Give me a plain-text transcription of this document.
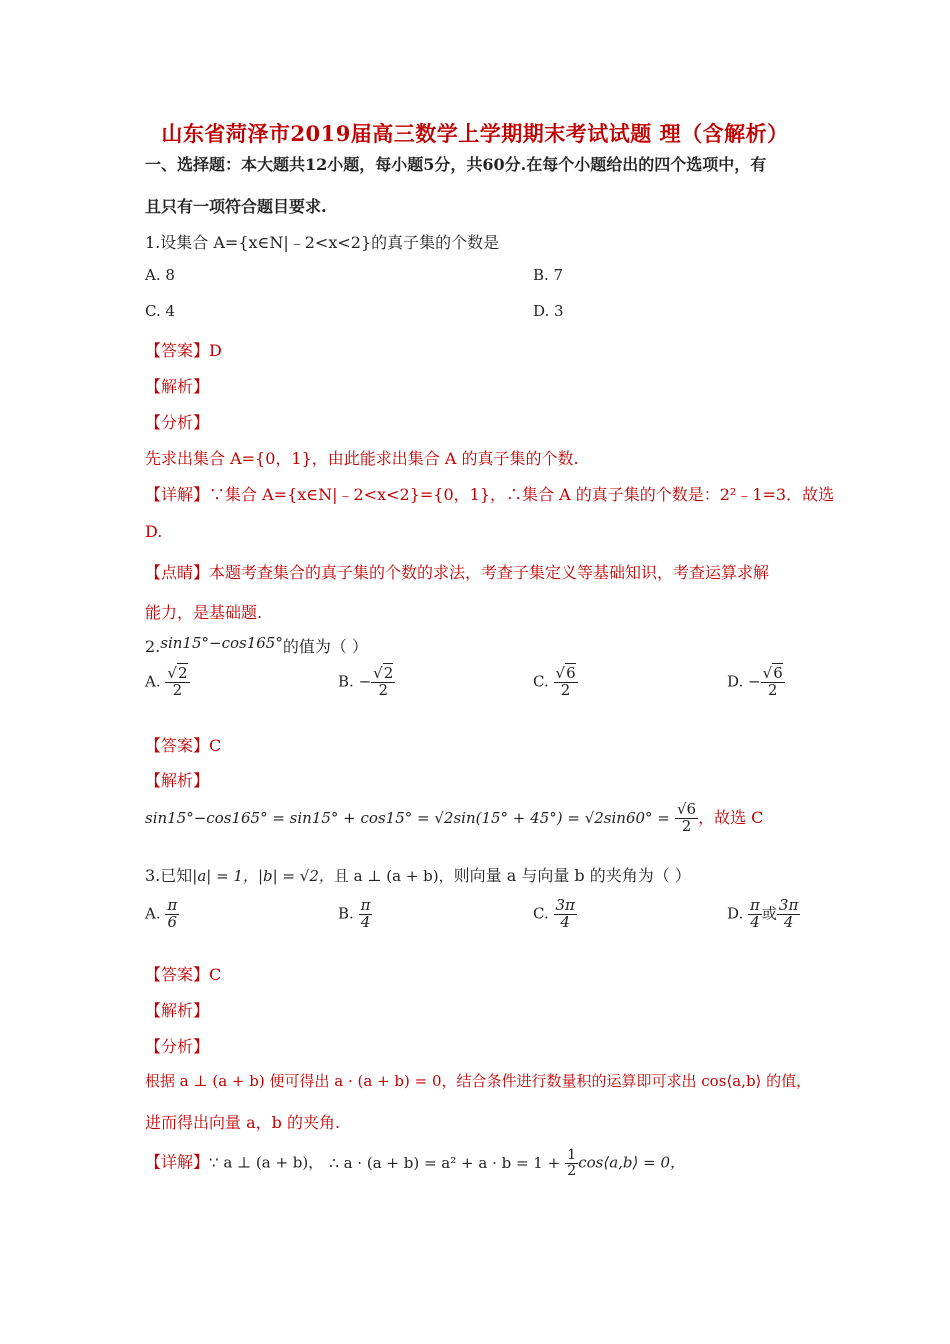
山东省菏泽市2019届高三数学上学期期末考试试题 理（含解析）
一、选择题：本大题共12小题，每小题5分，共60分.在每个小题给出的四个选项中，有
且只有一项符合题目要求.
1.设集合 A={x∈N|﹣2<x<2}的真子集的个数是
A. 8	B. 7
C. 4	D. 3
【答案】D
【解析】
【分析】
先求出集合 A={0，1}，由此能求出集合 A 的真子集的个数.
【详解】∵集合 A={x∈N|﹣2<x<2}={0，1}，∴集合 A 的真子集的个数是：2²﹣1=3．故选
D.
【点睛】本题考查集合的真子集的个数的求法，考查子集定义等基础知识，考查运算求解
能力，是基础题.
2.sin15°−cos165°的值为（ ）
A. $\frac{√2}{2}$	B. − $\frac{√2}{2}$	C. $\frac{√6}{2}$	D. − $\frac{√6}{2}$
【答案】C
【解析】
$\sin 15^\circ-\cos 165^\circ = \sin 15^\circ + \cos 15^\circ = √2\sin(15^\circ + 45^\circ) = √2\sin 60^\circ = \frac{√6}{2}$ ，故选 C
3.已知|a| = 1，|b| = √2，且 a ⊥ (a + b)，则向量 a 与向量 b 的夹角为（ ）
A. $\frac{\pi}{6}$	B. $\frac{\pi}{4}$	C. $\frac{3\pi}{4}$	D. $\frac{\pi}{4}$ 或 $\frac{3\pi}{4}$
【答案】C
【解析】
【分析】
根据 a ⊥ (a + b) 便可得出 a · (a + b) = 0，结合条件进行数量积的运算即可求出 cos⟨a,b⟩ 的值，
进而得出向量 a，b 的夹角.
【详解】∵ a ⊥ (a + b)， ∴ $a \cdot (a + b) = a^2 + a \cdot b = 1 + \frac{1}{2}$ cos⟨a,b⟩ = 0，
